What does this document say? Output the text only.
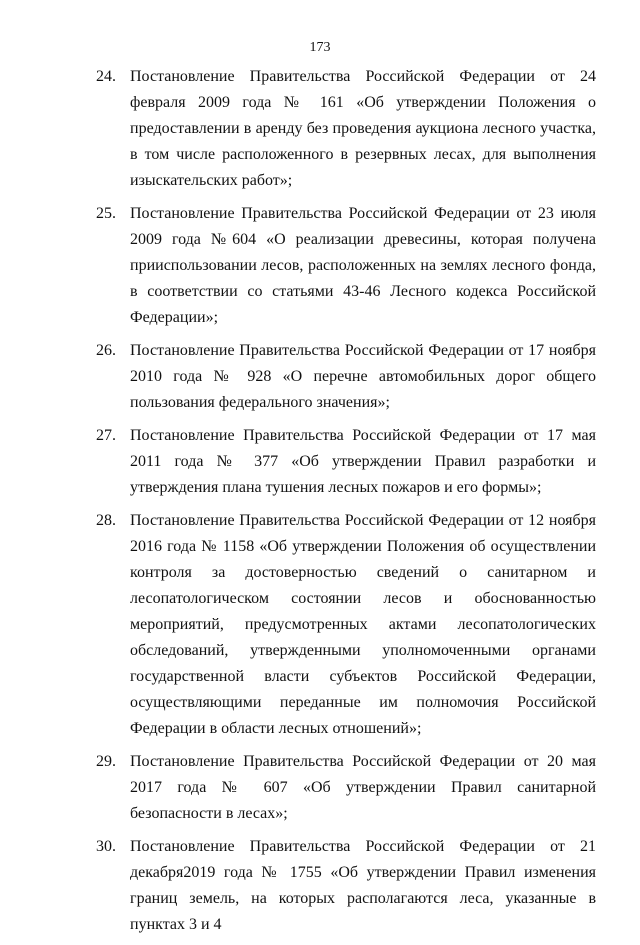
173
24. Постановление Правительства Российской Федерации от 24 февраля 2009 года № 161 «Об утверждении Положения о предоставлении в аренду без проведения аукциона лесного участка, в том числе расположенного в резервных лесах, для выполнения изыскательских работ»;
25. Постановление Правительства Российской Федерации от 23 июля 2009 года №604 «О реализации древесины, которая получена прииспользовании лесов, расположенных на землях лесного фонда, в соответствии со статьями 43-46 Лесного кодекса Российской Федерации»;
26. Постановление Правительства Российской Федерации от 17 ноября 2010 года № 928 «О перечне автомобильных дорог общего пользования федерального значения»;
27. Постановление Правительства Российской Федерации от 17 мая 2011 года № 377 «Об утверждении Правил разработки и утверждения плана тушения лесных пожаров и его формы»;
28. Постановление Правительства Российской Федерации от 12 ноября 2016 года № 1158 «Об утверждении Положения об осуществлении контроля за достоверностью сведений о санитарном и лесопатологическом состоянии лесов и обоснованностью мероприятий, предусмотренных актами лесопатологических обследований, утвержденными уполномоченными органами государственной власти субъектов Российской Федерации, осуществляющими переданные им полномочия Российской Федерации в области лесных отношений»;
29. Постановление Правительства Российской Федерации от 20 мая 2017 года № 607 «Об утверждении Правил санитарной безопасности в лесах»;
30. Постановление Правительства Российской Федерации от 21 декабря2019 года № 1755 «Об утверждении Правил изменения границ земель, на которых располагаются леса, указанные в пунктах 3 и 4
